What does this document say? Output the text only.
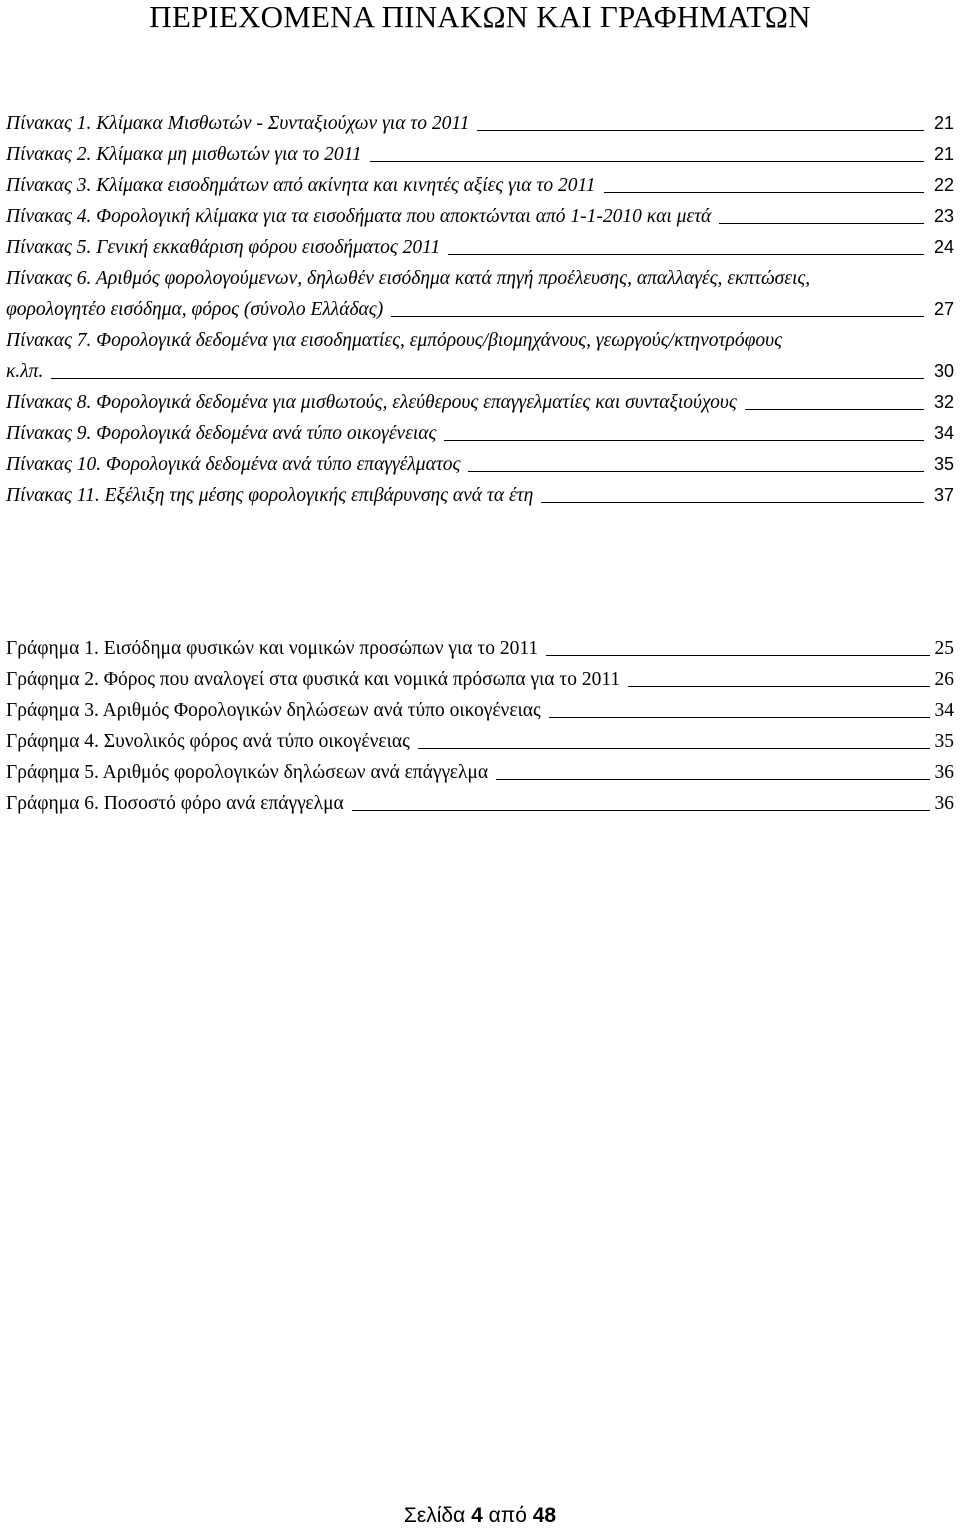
ΠΕΡΙΕΧΟΜΕΝΑ ΠΙΝΑΚΩΝ ΚΑΙ ΓΡΑΦΗΜΑΤΩΝ
Πίνακας 1. Κλίμακα Μισθωτών - Συνταξιούχων για το 2011	21
Πίνακας 2. Κλίμακα μη μισθωτών για το 2011	21
Πίνακας 3. Κλίμακα εισοδημάτων από ακίνητα και κινητές αξίες για το 2011	22
Πίνακας 4. Φορολογική κλίμακα για τα εισοδήματα που αποκτώνται από 1-1-2010 και μετά	23
Πίνακας 5. Γενική εκκαθάριση φόρου εισοδήματος 2011	24
Πίνακας 6. Αριθμός φορολογούμενων, δηλωθέν εισόδημα κατά πηγή προέλευσης, απαλλαγές, εκπτώσεις,
φορολογητέο εισόδημα, φόρος (σύνολο Ελλάδας)	27
Πίνακας 7. Φορολογικά δεδομένα για εισοδηματίες, εμπόρους/βιομηχάνους, γεωργούς/κτηνοτρόφους
κ.λπ.	30
Πίνακας 8. Φορολογικά δεδομένα για μισθωτούς, ελεύθερους επαγγελματίες και συνταξιούχους	32
Πίνακας 9. Φορολογικά δεδομένα ανά τύπο οικογένειας	34
Πίνακας 10. Φορολογικά δεδομένα ανά τύπο επαγγέλματος	35
Πίνακας 11. Εξέλιξη της μέσης φορολογικής επιβάρυνσης ανά τα έτη	37
Γράφημα 1. Εισόδημα φυσικών και νομικών προσώπων για το 2011	25
Γράφημα 2. Φόρος που αναλογεί στα φυσικά και νομικά πρόσωπα για το 2011	26
Γράφημα 3. Αριθμός Φορολογικών δηλώσεων ανά τύπο οικογένειας	34
Γράφημα 4. Συνολικός φόρος ανά τύπο οικογένειας	35
Γράφημα 5. Αριθμός φορολογικών δηλώσεων ανά επάγγελμα	36
Γράφημα 6. Ποσοστό φόρο ανά επάγγελμα	36
Σελίδα 4 από 48
